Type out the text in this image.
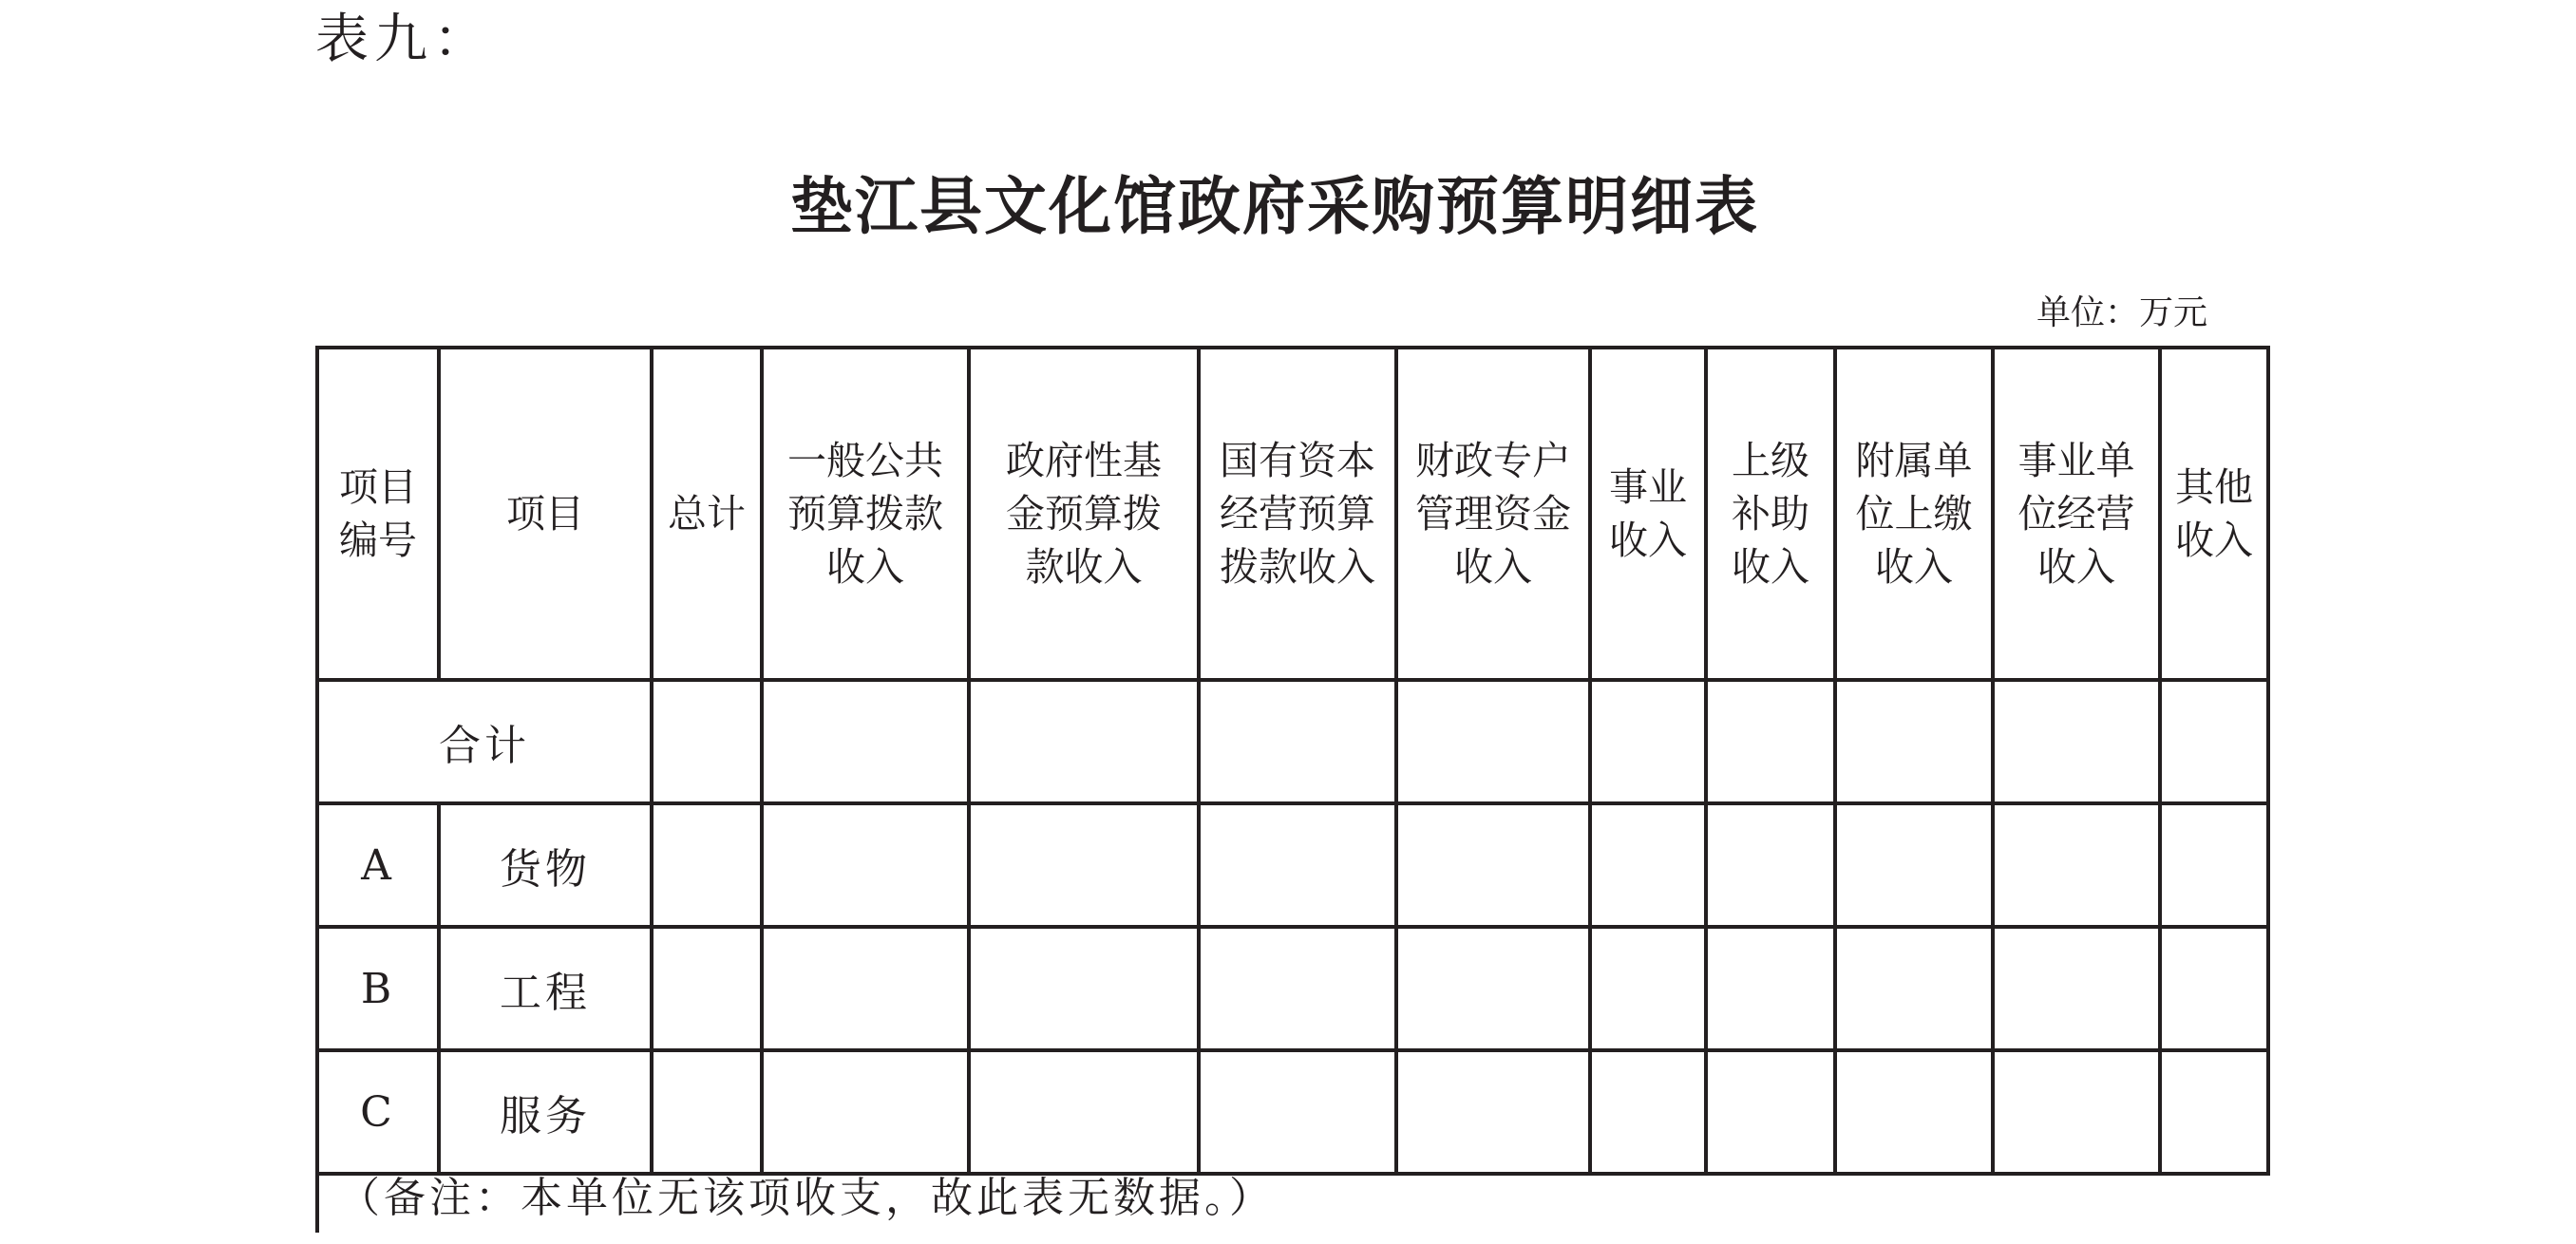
表九：
垫江县文化馆政府采购预算明细表
单位：万元
项目编号	项目	总计	一般公共预算拨款收入	政府性基金预算拨款收入	国有资本经营预算拨款收入	财政专户管理资金收入	事业收入	上级补助收入	附属单位上缴收入	事业单位经营收入	其他收入
合计											
A	货物										
B	工程										
C	服务										
（备注：本单位无该项收支，故此表无数据。）
